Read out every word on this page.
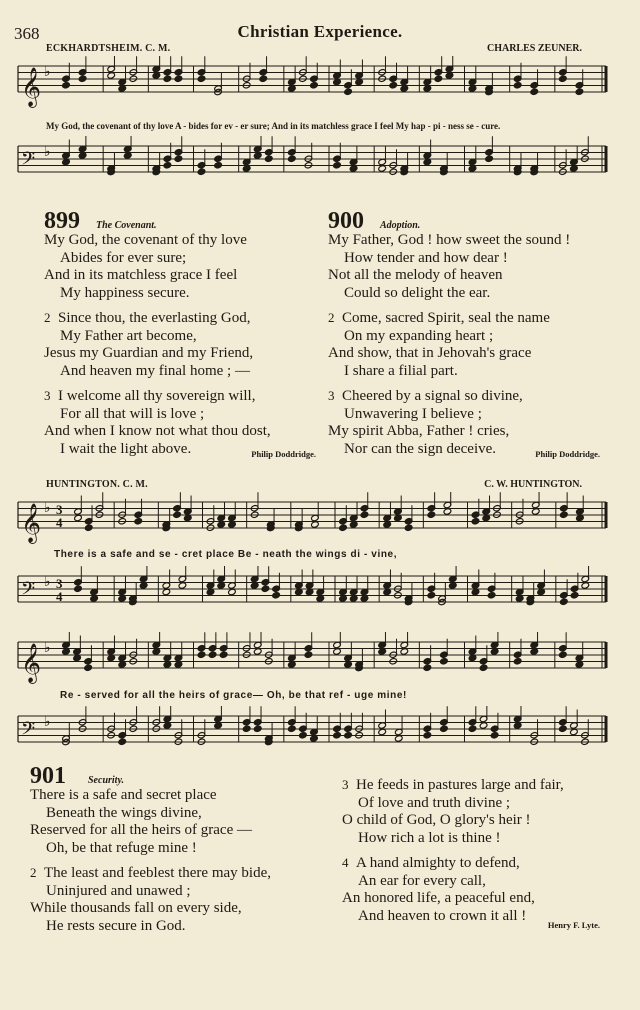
368	Christian Experience.
ECKHARDTSHEIM. C. M.	CHARLES ZEUNER.
𝄞 ♭
My God, the covenant of thy love A - bides for ev - er sure; And in its matchless grace I feel My hap - pi - ness se - cure.
𝄢 ♭
899 The Covenant.
My God, the covenant of thy love
Abides for ever sure;
And in its matchless grace I feel
My happiness secure.
2 Since thou, the everlasting God,
My Father art become,
Jesus my Guardian and my Friend,
And heaven my final home ; —
3 I welcome all thy sovereign will,
For all that will is love ;
And when I know not what thou dost,
I wait the light above.	Philip Doddridge.
900 Adoption.
My Father, God ! how sweet the sound !
How tender and how dear !
Not all the melody of heaven
Could so delight the ear.
2 Come, sacred Spirit, seal the name
On my expanding heart ;
And show, that in Jehovah's grace
I share a filial part.
3 Cheered by a signal so divine,
Unwavering I believe ;
My spirit Abba, Father ! cries,
Nor can the sign deceive.	Philip Doddridge.
HUNTINGTON. C. M.	C. W. HUNTINGTON.
𝄞 ♭ 3
4
There is a safe and se - cret place Be - neath the wings di - vine,
𝄢 ♭ 3
4
𝄞 ♭
Re - served for all the heirs of grace— Oh, be that ref - uge mine!
𝄢 ♭
901 Security.
There is a safe and secret place
Beneath the wings divine,
Reserved for all the heirs of grace —
Oh, be that refuge mine !
2 The least and feeblest there may bide,
Uninjured and unawed ;
While thousands fall on every side,
He rests secure in God.
3 He feeds in pastures large and fair,
Of love and truth divine ;
O child of God, O glory's heir !
How rich a lot is thine !
4 A hand almighty to defend,
An ear for every call,
An honored life, a peaceful end,
And heaven to crown it all !
Henry F. Lyte.
